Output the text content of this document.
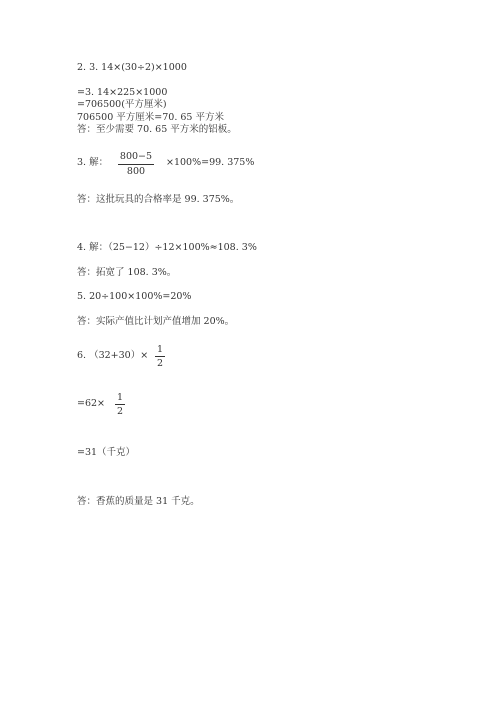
2. 3. 14×(30÷2)×1000
=3. 14×225×1000
=706500(平方厘米)
706500 平方厘米=70. 65 平方米
答：至少需要 70. 65 平方米的铝板。
3. 解：
800−5
800
×100%=99. 375%
答：这批玩具的合格率是 99. 375%。
4. 解：（25−12）÷12×100%≈108. 3%
答：拓宽了 108. 3%。
5. 20÷100×100%=20%
答：实际产值比计划产值增加 20%。
6. （32+30）×
1
2
=62×
1
2
=31（千克）
答：香蕉的质量是 31 千克。
